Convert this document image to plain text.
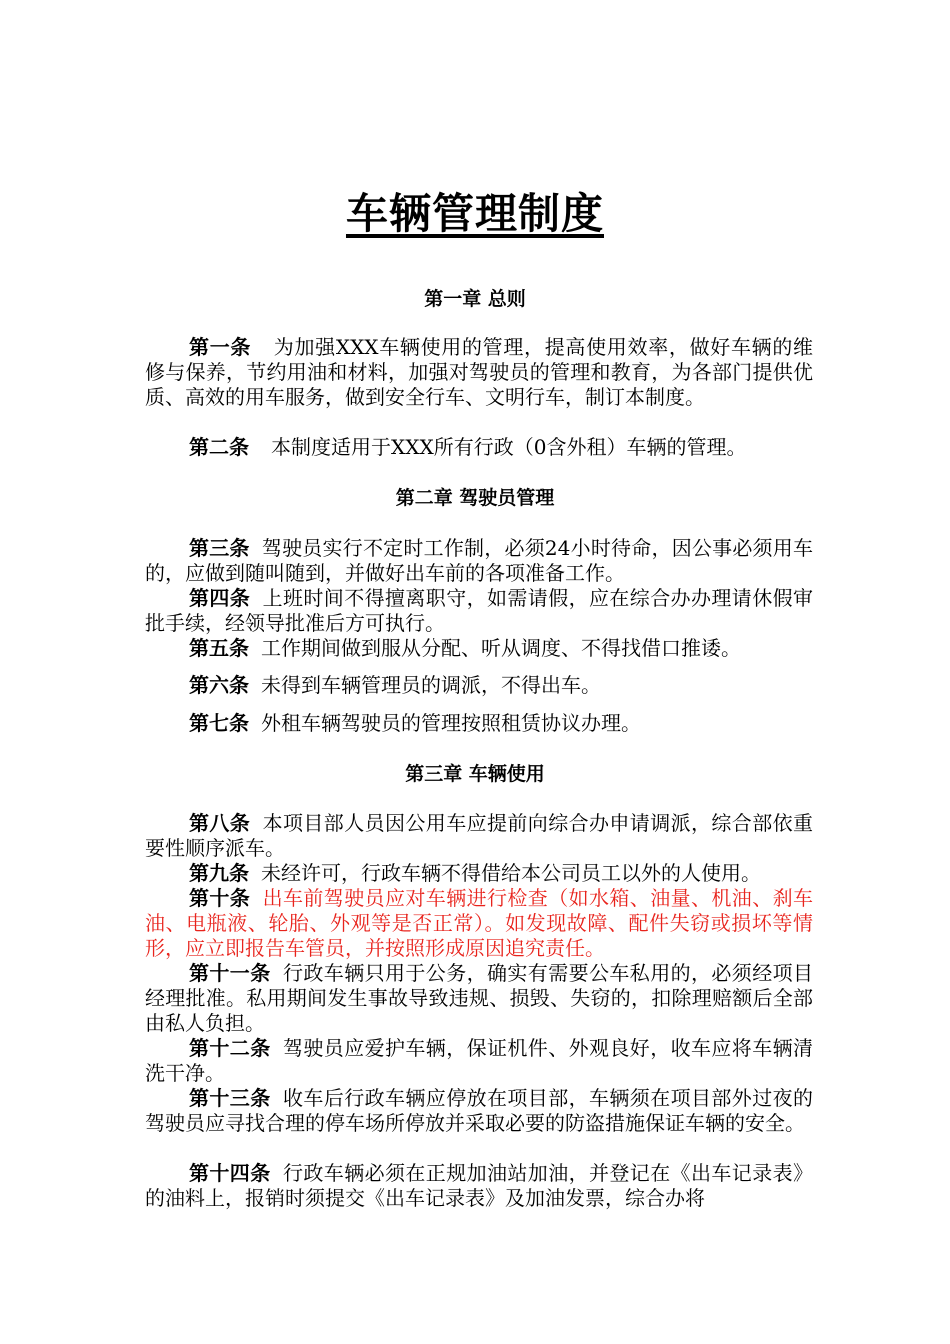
车辆管理制度
第一章 总则

第一条 为加强XXX车辆使用的管理，提高使用效率，做好车辆的维修与保养，节约用油和材料，加强对驾驶员的管理和教育，为各部门提供优质、高效的用车服务，做到安全行车、文明行车，制订本制度。

第二条 本制度适用于XXX所有行政（0含外租）车辆的管理。

第二章 驾驶员管理

第三条 驾驶员实行不定时工作制，必须24小时待命，因公事必须用车的，应做到随叫随到，并做好出车前的各项准备工作。

第四条 上班时间不得擅离职守，如需请假，应在综合办办理请休假审批手续，经领导批准后方可执行。

第五条 工作期间做到服从分配、听从调度、不得找借口推诿。

第六条 未得到车辆管理员的调派，不得出车。

第七条 外租车辆驾驶员的管理按照租赁协议办理。

第三章 车辆使用

第八条 本项目部人员因公用车应提前向综合办申请调派，综合部依重要性顺序派车。

第九条 未经许可，行政车辆不得借给本公司员工以外的人使用。

第十条 出车前驾驶员应对车辆进行检查（如水箱、油量、机油、刹车油、电瓶液、轮胎、外观等是否正常）。如发现故障、配件失窃或损坏等情形，应立即报告车管员，并按照形成原因追究责任。

第十一条 行政车辆只用于公务，确实有需要公车私用的，必须经项目经理批准。私用期间发生事故导致违规、损毁、失窃的，扣除理赔额后全部由私人负担。

第十二条 驾驶员应爱护车辆，保证机件、外观良好，收车应将车辆清洗干净。

第十三条 收车后行政车辆应停放在项目部，车辆须在项目部外过夜的驾驶员应寻找合理的停车场所停放并采取必要的防盗措施保证车辆的安全。

第十四条 行政车辆必须在正规加油站加油，并登记在《出车记录表》的油料上，报销时须提交《出车记录表》及加油发票，综合办将
